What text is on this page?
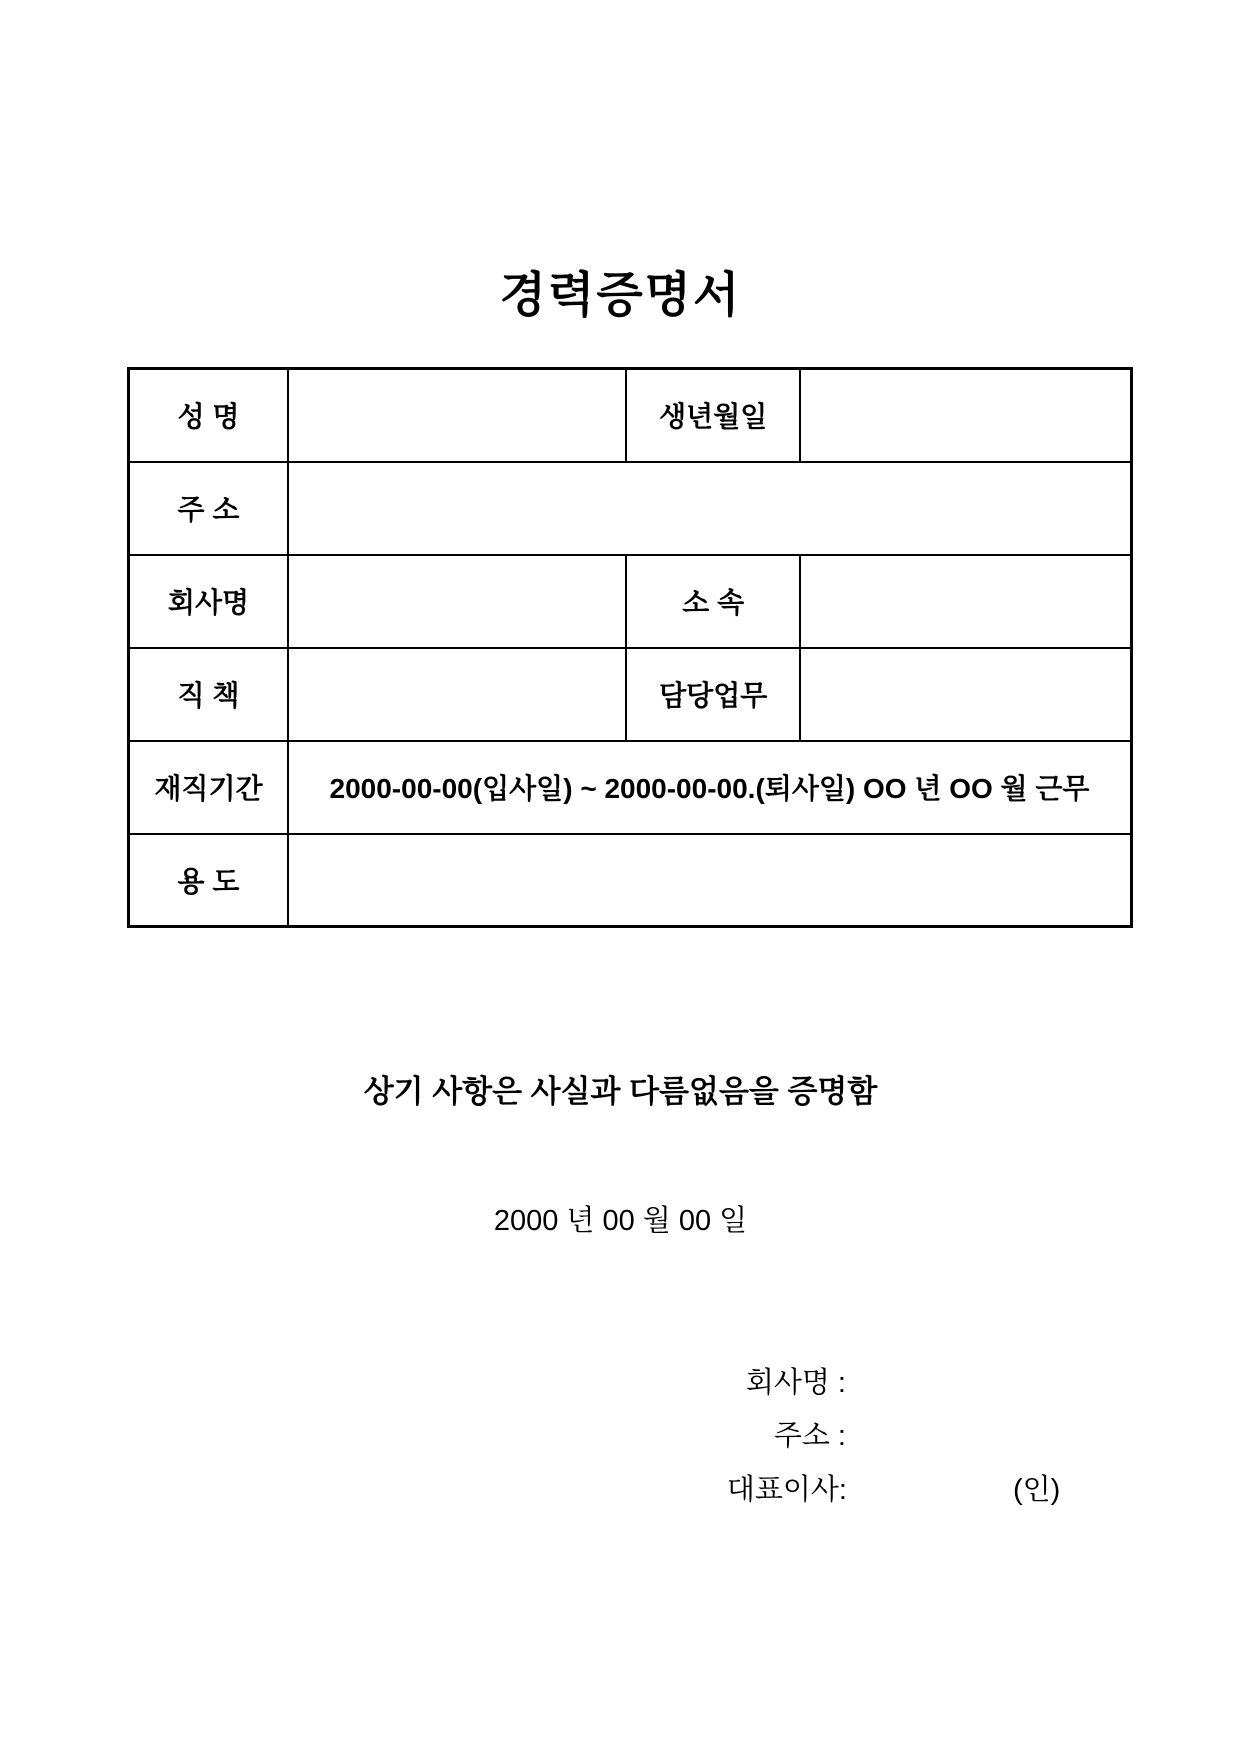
경력증명서
성 명		생년월일	
주 소			
회사명		소 속	
직 책		담당업무	
재직기간	2000-00-00(입사일) ~ 2000-00-00.(퇴사일) OO 년 OO 월 근무		
용 도			
상기 사항은 사실과 다름없음을 증명함
2000 년 00 월 00 일
회사명 :
주소 :
대표이사:	(인)
